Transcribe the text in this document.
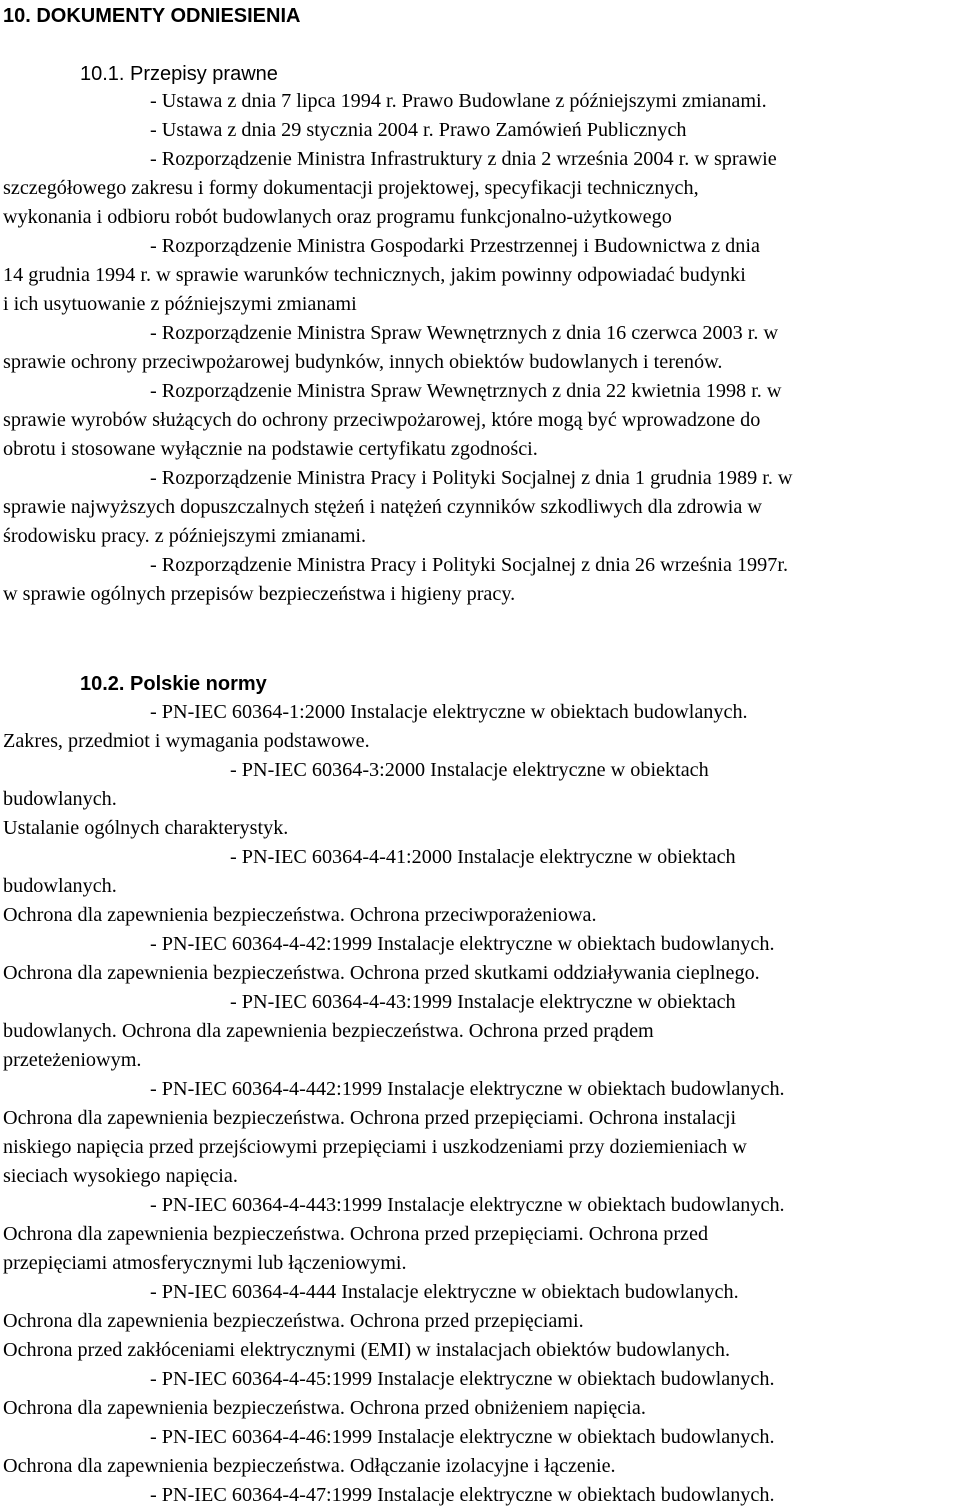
10. DOKUMENTY ODNIESIENIA
10.1. Przepisy prawne
- Ustawa z dnia 7 lipca 1994 r. Prawo Budowlane z późniejszymi zmianami.
- Ustawa z dnia 29 stycznia 2004 r. Prawo Zamówień Publicznych
- Rozporządzenie Ministra Infrastruktury z dnia 2 września 2004 r. w sprawie
szczegółowego zakresu i formy dokumentacji projektowej, specyfikacji technicznych,
wykonania i odbioru robót budowlanych oraz programu funkcjonalno-użytkowego
- Rozporządzenie Ministra Gospodarki Przestrzennej i Budownictwa z dnia
14 grudnia 1994 r. w sprawie warunków technicznych, jakim powinny odpowiadać budynki
i ich usytuowanie z późniejszymi zmianami
- Rozporządzenie Ministra Spraw Wewnętrznych z dnia 16 czerwca 2003 r. w
sprawie ochrony przeciwpożarowej budynków, innych obiektów budowlanych i terenów.
- Rozporządzenie Ministra Spraw Wewnętrznych z dnia 22 kwietnia 1998 r. w
sprawie wyrobów służących do ochrony przeciwpożarowej, które mogą być wprowadzone do
obrotu i stosowane wyłącznie na podstawie certyfikatu zgodności.
- Rozporządzenie Ministra Pracy i Polityki Socjalnej z dnia 1 grudnia 1989 r. w
sprawie najwyższych dopuszczalnych stężeń i natężeń czynników szkodliwych dla zdrowia w
środowisku pracy. z późniejszymi zmianami.
- Rozporządzenie Ministra Pracy i Polityki Socjalnej z dnia 26 września 1997r.
w sprawie ogólnych przepisów bezpieczeństwa i higieny pracy.
10.2. Polskie normy
- PN-IEC 60364-1:2000 Instalacje elektryczne w obiektach budowlanych.
Zakres, przedmiot i wymagania podstawowe.
- PN-IEC 60364-3:2000 Instalacje elektryczne w obiektach
budowlanych.
Ustalanie ogólnych charakterystyk.
- PN-IEC 60364-4-41:2000 Instalacje elektryczne w obiektach
budowlanych.
Ochrona dla zapewnienia bezpieczeństwa. Ochrona przeciwporażeniowa.
- PN-IEC 60364-4-42:1999 Instalacje elektryczne w obiektach budowlanych.
Ochrona dla zapewnienia bezpieczeństwa. Ochrona przed skutkami oddziaływania cieplnego.
- PN-IEC 60364-4-43:1999 Instalacje elektryczne w obiektach
budowlanych. Ochrona dla zapewnienia bezpieczeństwa. Ochrona przed prądem
przeteżeniowym.
- PN-IEC 60364-4-442:1999 Instalacje elektryczne w obiektach budowlanych.
Ochrona dla zapewnienia bezpieczeństwa. Ochrona przed przepięciami. Ochrona instalacji
niskiego napięcia przed przejściowymi przepięciami i uszkodzeniami przy doziemieniach w
sieciach wysokiego napięcia.
- PN-IEC 60364-4-443:1999 Instalacje elektryczne w obiektach budowlanych.
Ochrona dla zapewnienia bezpieczeństwa. Ochrona przed przepięciami. Ochrona przed
przepięciami atmosferycznymi lub łączeniowymi.
- PN-IEC 60364-4-444 Instalacje elektryczne w obiektach budowlanych.
Ochrona dla zapewnienia bezpieczeństwa. Ochrona przed przepięciami.
Ochrona przed zakłóceniami elektrycznymi (EMI) w instalacjach obiektów budowlanych.
- PN-IEC 60364-4-45:1999 Instalacje elektryczne w obiektach budowlanych.
Ochrona dla zapewnienia bezpieczeństwa. Ochrona przed obniżeniem napięcia.
- PN-IEC 60364-4-46:1999 Instalacje elektryczne w obiektach budowlanych.
Ochrona dla zapewnienia bezpieczeństwa. Odłączanie izolacyjne i łączenie.
- PN-IEC 60364-4-47:1999 Instalacje elektryczne w obiektach budowlanych.
